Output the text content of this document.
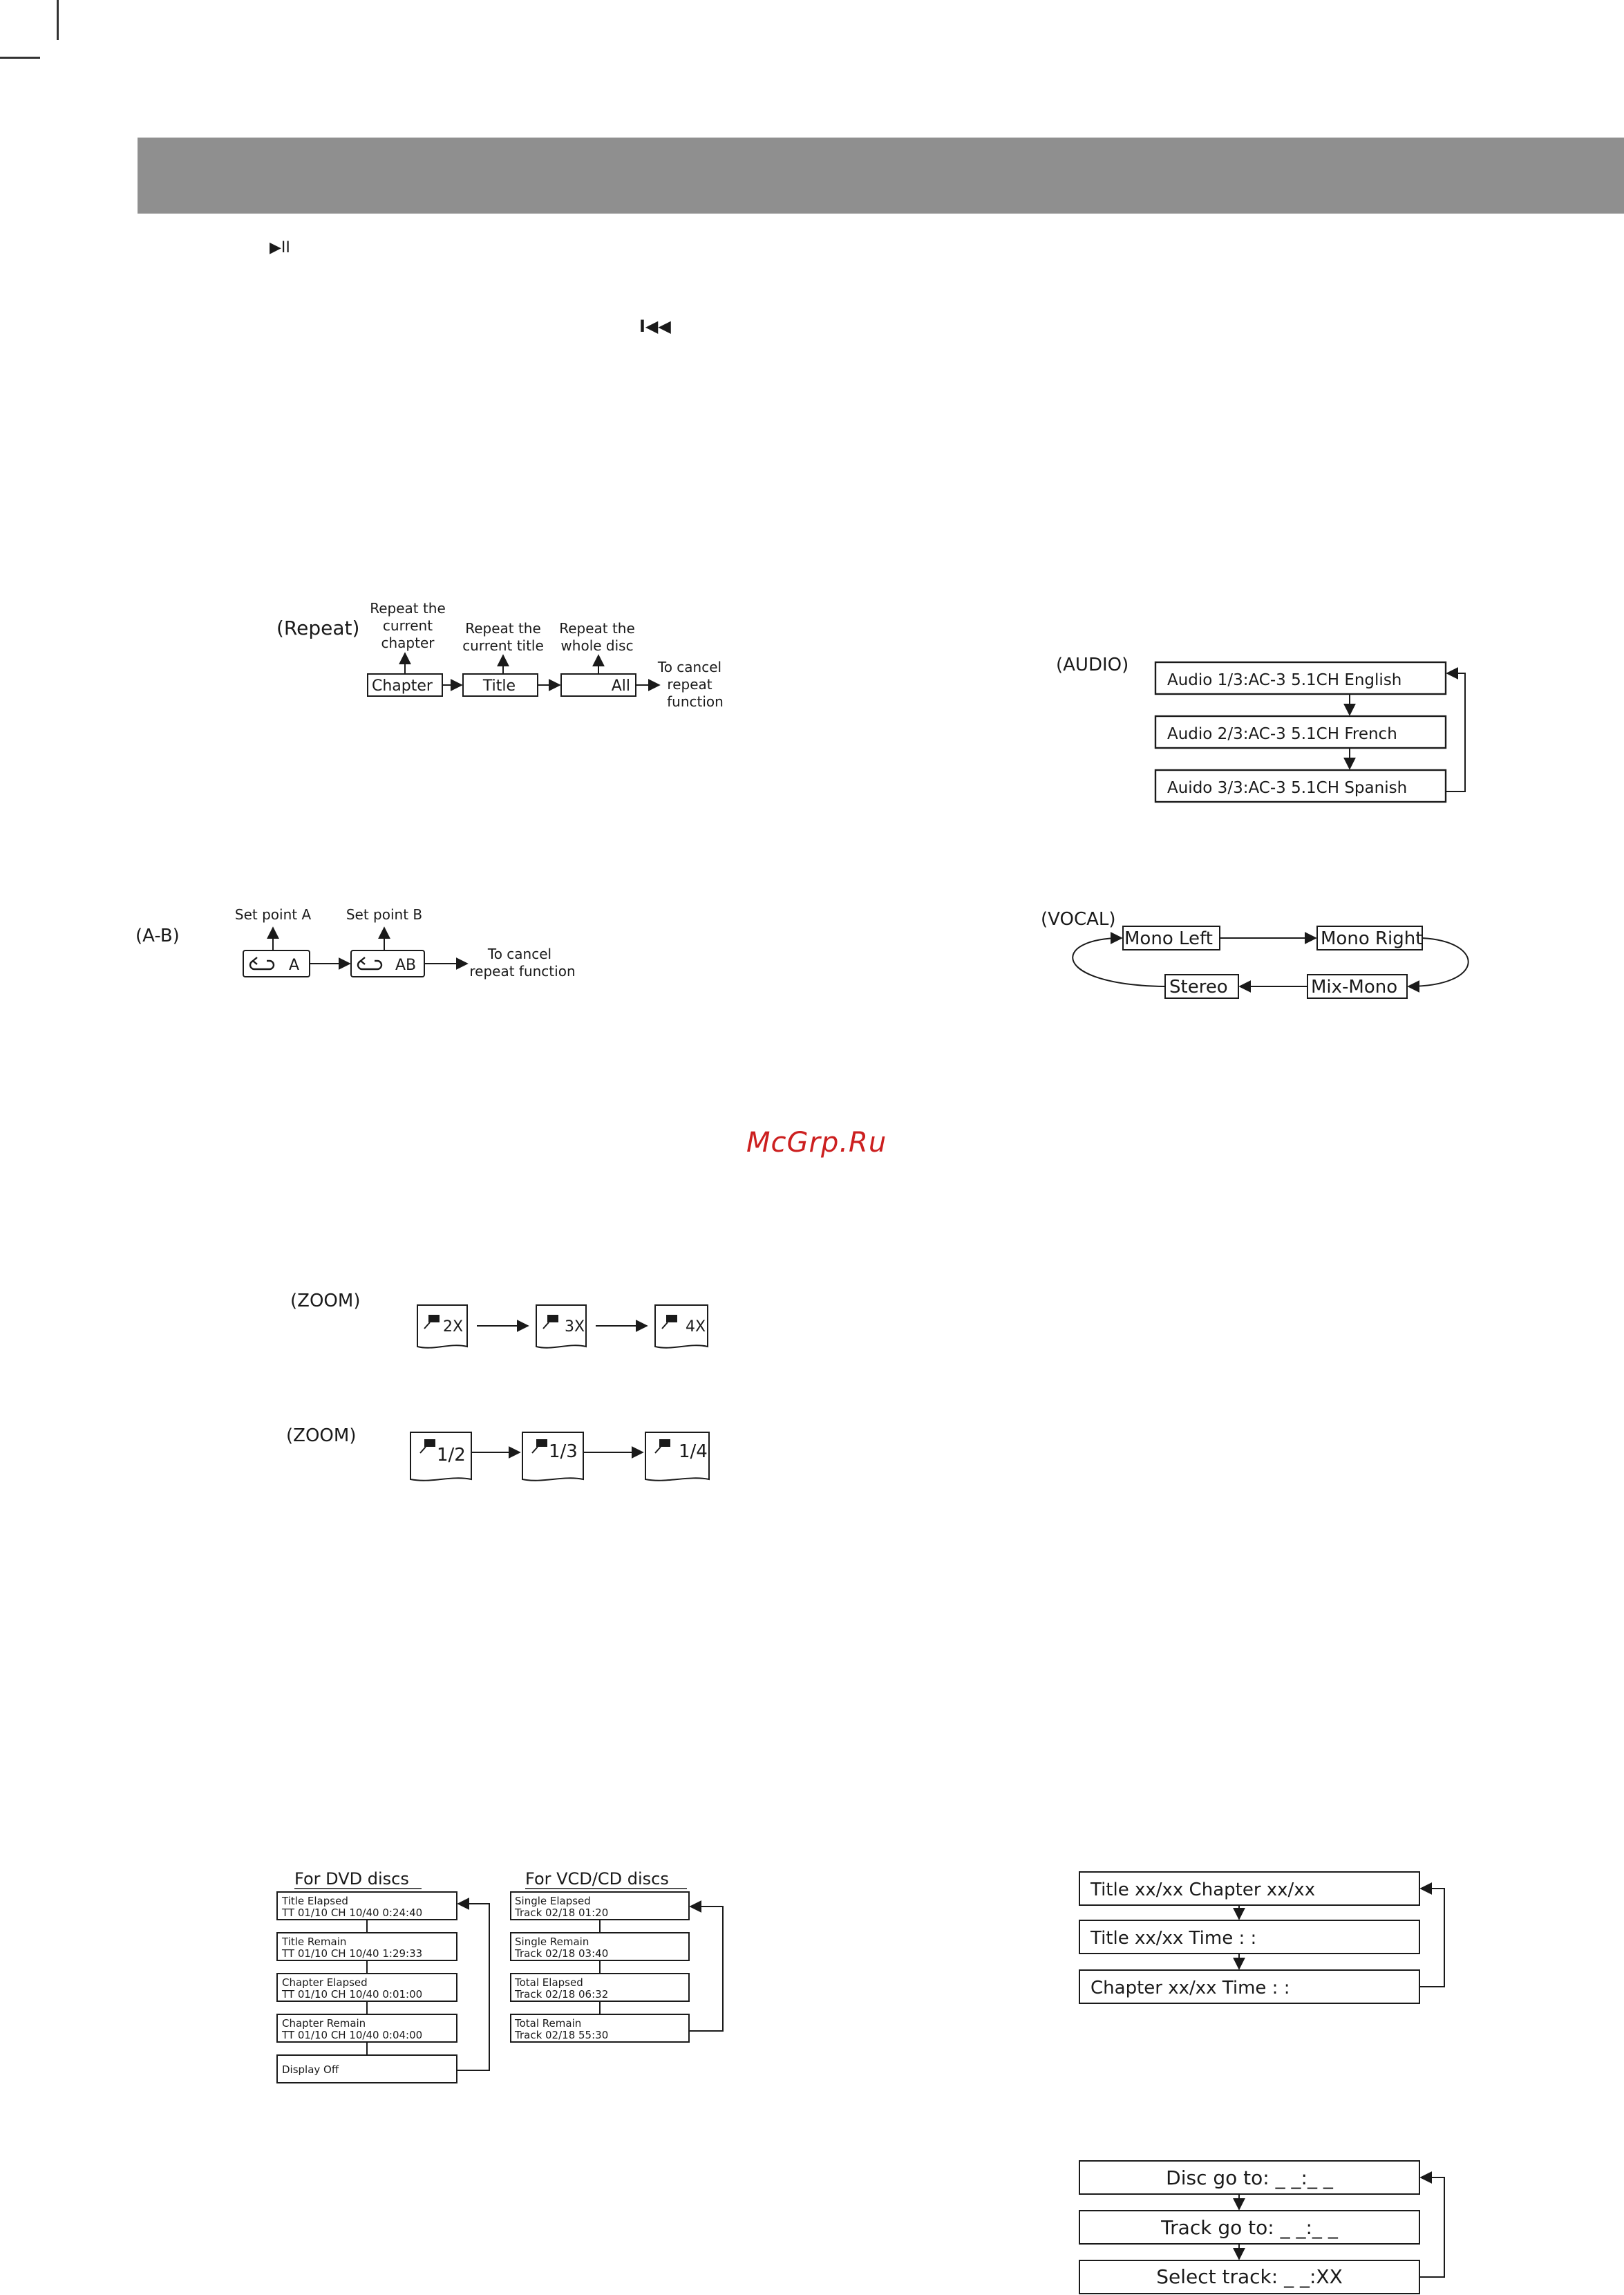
▶II
I◀◀
(Repeat)
Repeat the
current
chapter
Repeat the
current title
Repeat the
whole disc
Chapter	Title	All
To cancel
repeat
function
(A-B)
Set point A	Set point B
A	AB
To cancel
repeat function
(AUDIO)
Audio 1/3:AC-3 5.1CH English
Audio 2/3:AC-3 5.1CH French
Auido 3/3:AC-3 5.1CH Spanish
(VOCAL)
Mono Left	Mono Right
Mix-Mono
Stereo
(ZOOM)
2X	3X	4X
(ZOOM)
1/2	1/3	1/4
For DVD discs
Title Elapsed
TT 01/10 CH 10/40 0:24:40
Title Remain
TT 01/10 CH 10/40 1:29:33
Chapter Elapsed
TT 01/10 CH 10/40 0:01:00
Chapter Remain
TT 01/10 CH 10/40 0:04:00
Display Off
For VCD/CD discs
Single Elapsed
Track 02/18 01:20
Single Remain
Track 02/18 03:40
Total Elapsed
Track 02/18 06:32
Total Remain
Track 02/18 55:30
Title xx/xx Chapter xx/xx
Title xx/xx Time : :
Chapter xx/xx Time : :
Disc go to: _ _:_ _
Track go to: _ _:_ _
Select track: _ _:XX
McGrp.Ru
